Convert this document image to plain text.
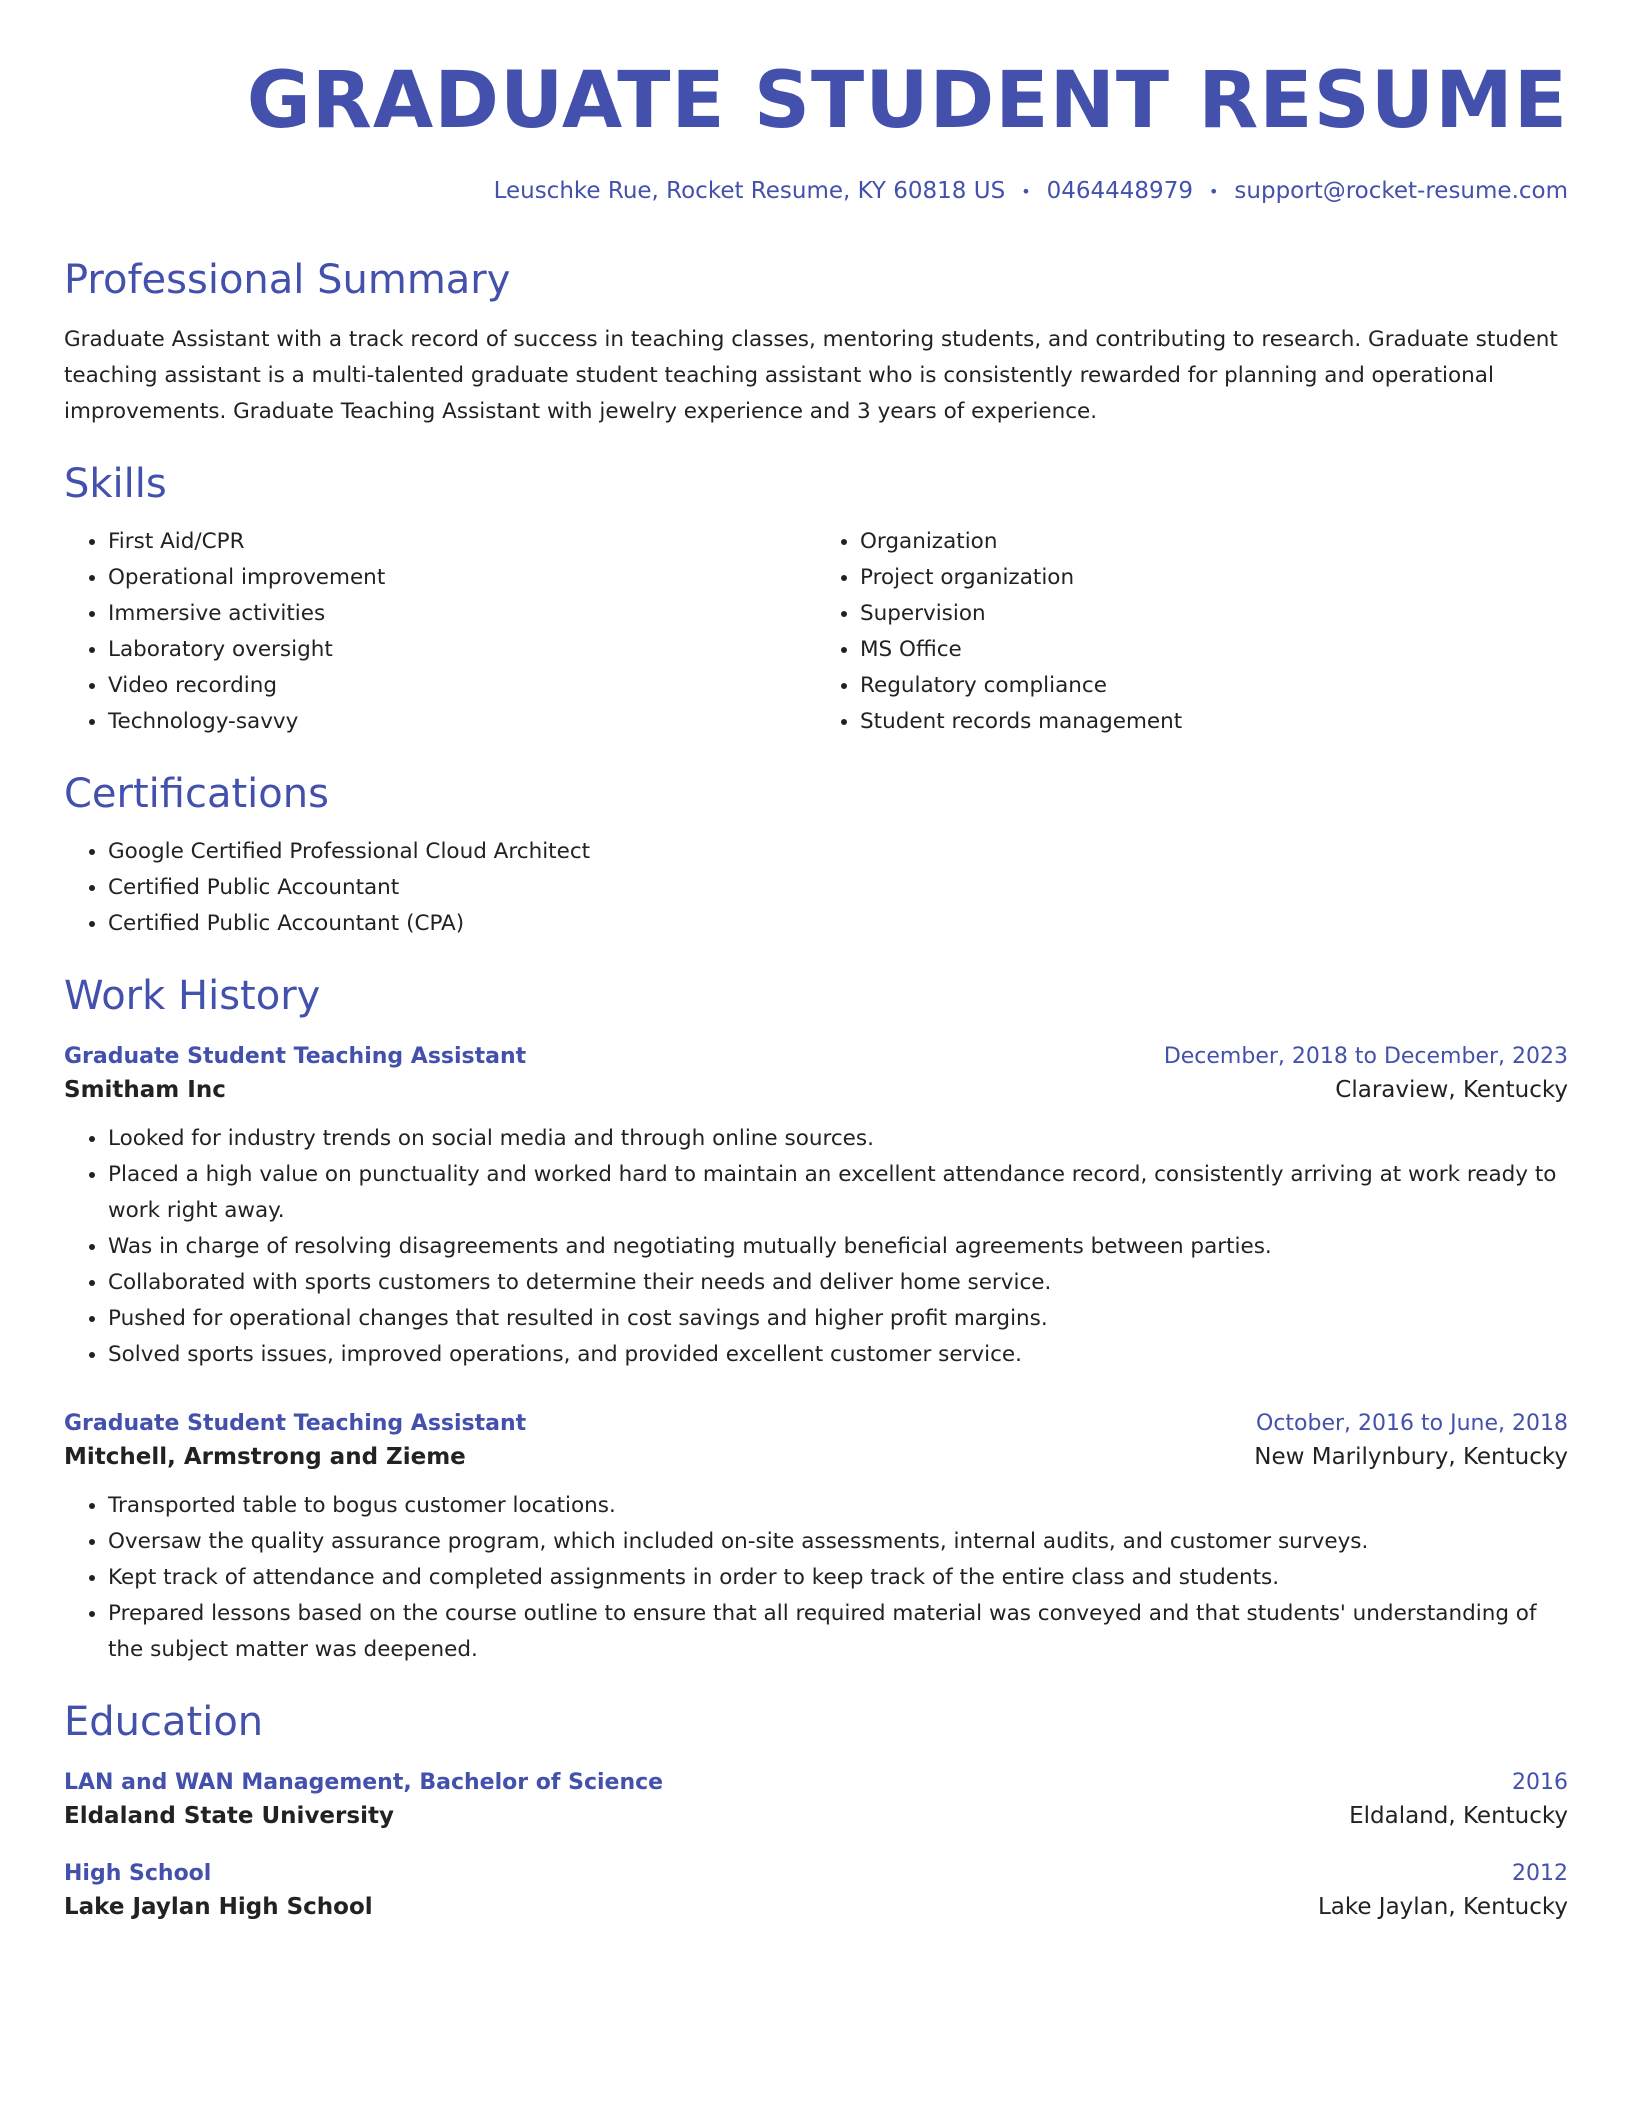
GRADUATE STUDENT RESUME
Leuschke Rue, Rocket Resume, KY 60818 US • 0464448979 • support@rocket-resume.com
Professional Summary
Graduate Assistant with a track record of success in teaching classes, mentoring students, and contributing to research. Graduate student teaching assistant is a multi-talented graduate student teaching assistant who is consistently rewarded for planning and operational improvements. Graduate Teaching Assistant with jewelry experience and 3 years of experience.
Skills
• First Aid/CPR
• Operational improvement
• Immersive activities
• Laboratory oversight
• Video recording
• Technology-savvy
• Organization
• Project organization
• Supervision
• MS Office
• Regulatory compliance
• Student records management
Certifications
• Google Certified Professional Cloud Architect
• Certified Public Accountant
• Certified Public Accountant (CPA)
Work History
Graduate Student Teaching Assistant	December, 2018 to December, 2023
Smitham Inc	Claraview, Kentucky
• Looked for industry trends on social media and through online sources.
• Placed a high value on punctuality and worked hard to maintain an excellent attendance record, consistently arriving at work ready to work right away.
• Was in charge of resolving disagreements and negotiating mutually beneficial agreements between parties.
• Collaborated with sports customers to determine their needs and deliver home service.
• Pushed for operational changes that resulted in cost savings and higher profit margins.
• Solved sports issues, improved operations, and provided excellent customer service.
Graduate Student Teaching Assistant	October, 2016 to June, 2018
Mitchell, Armstrong and Zieme	New Marilynbury, Kentucky
• Transported table to bogus customer locations.
• Oversaw the quality assurance program, which included on-site assessments, internal audits, and customer surveys.
• Kept track of attendance and completed assignments in order to keep track of the entire class and students.
• Prepared lessons based on the course outline to ensure that all required material was conveyed and that students' understanding of the subject matter was deepened.
Education
LAN and WAN Management, Bachelor of Science	2016
Eldaland State University	Eldaland, Kentucky
High School	2012
Lake Jaylan High School	Lake Jaylan, Kentucky
